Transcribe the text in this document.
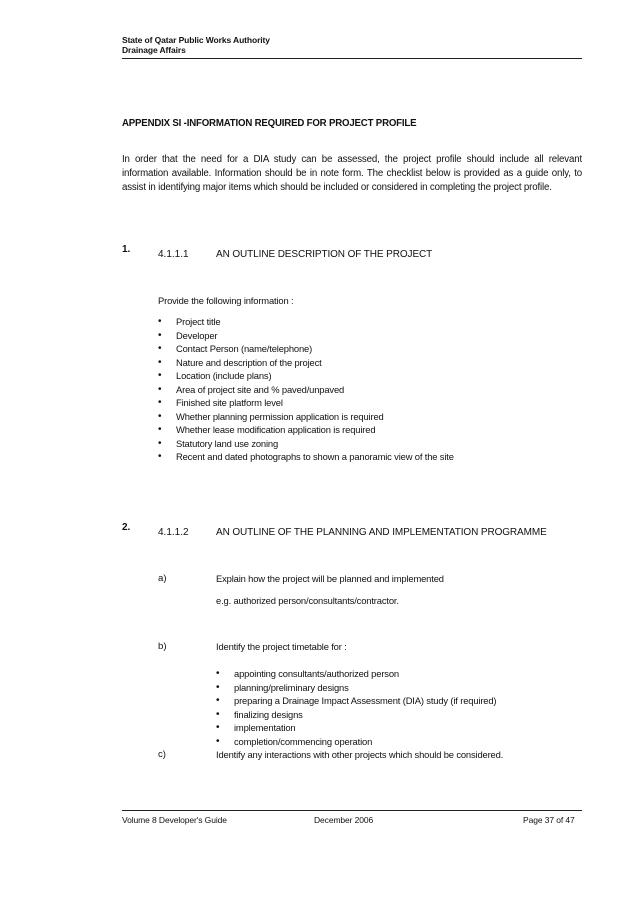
State of Qatar Public Works Authority
Drainage Affairs
APPENDIX SI -INFORMATION REQUIRED FOR PROJECT PROFILE
In order that the need for a DIA study can be assessed, the project profile should include all relevant information available. Information should be in note form. The checklist below is provided as a guide only, to assist in identifying major items which should be included or considered in completing the project profile.
1.	4.1.1.1	AN OUTLINE DESCRIPTION OF THE PROJECT
Provide the following information :
• Project title
• Developer
• Contact Person (name/telephone)
• Nature and description of the project
• Location (include plans)
• Area of project site and % paved/unpaved
• Finished site platform level
• Whether planning permission application is required
• Whether lease modification application is required
• Statutory land use zoning
• Recent and dated photographs to shown a panoramic view of the site
2.	4.1.1.2	AN OUTLINE OF THE PLANNING AND IMPLEMENTATION PROGRAMME
a)	Explain how the project will be planned and implemented
e.g. authorized person/consultants/contractor.
b)	Identify the project timetable for :
• appointing consultants/authorized person
• planning/preliminary designs
• preparing a Drainage Impact Assessment (DIA) study (if required)
• finalizing designs
• implementation
• completion/commencing operation
c)	Identify any interactions with other projects which should be considered.
Volume 8 Developer's Guide	December 2006	Page 37 of 47
